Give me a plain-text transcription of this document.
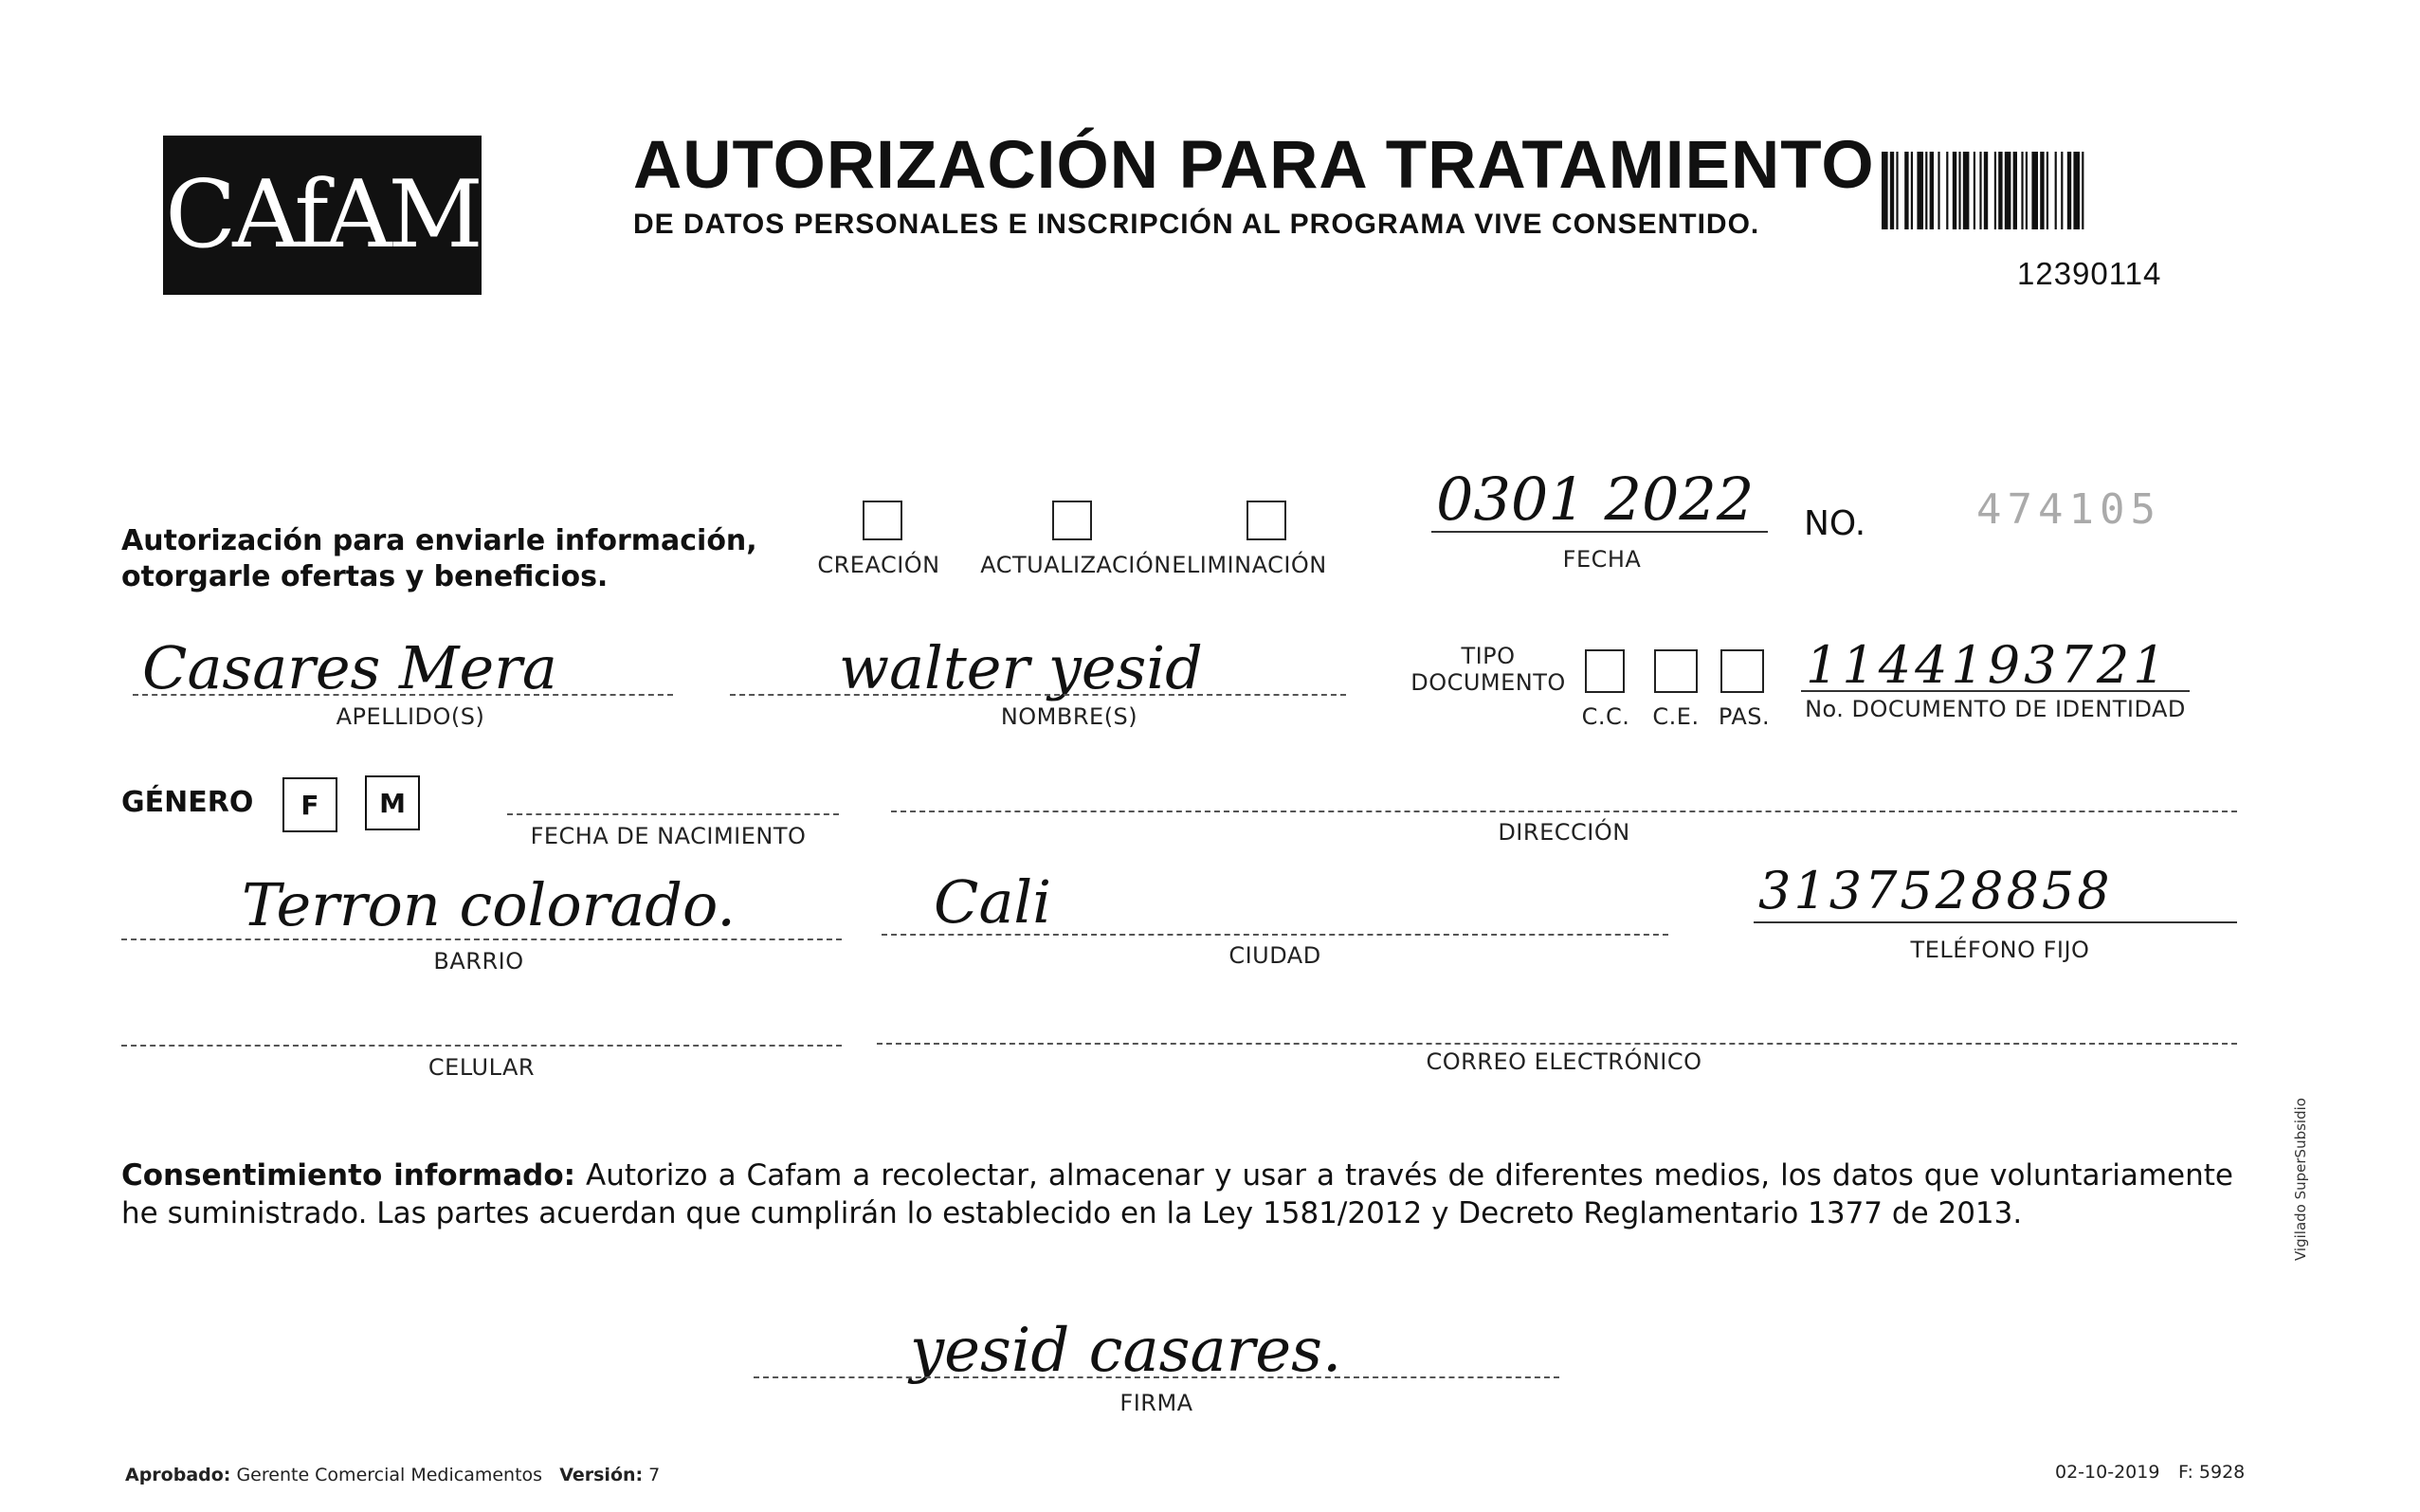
CAfAM AUTORIZACIÓN PARA TRATAMIENTO
DE DATOS PERSONALES E INSCRIPCIÓN AL PROGRAMA VIVE CONSENTIDO.
12390114
Autorización para enviarle información,
otorgarle ofertas y beneficios.	CREACIÓN ACTUALIZACIÓN ELIMINACIÓN
0301 2022
FECHA
NO.	474105
Casares Mera
APELLIDO(S)
walter yesid
NOMBRE(S)
TIPO
DOCUMENTO
C.C. C.E. PAS.
1144193721
No. DOCUMENTO DE IDENTIDAD
GÉNERO F M
FECHA DE NACIMIENTO	DIRECCIÓN
Terron colorado.
BARRIO
Cali
CIUDAD
3137528858
TELÉFONO FIJO
CELULAR	CORREO ELECTRÓNICO
Consentimiento informado: Autorizo a Cafam a recolectar, almacenar y usar a través de diferentes medios, los datos que voluntariamente he suministrado. Las partes acuerdan que cumplirán lo establecido en la Ley 1581/2012 y Decreto Reglamentario 1377 de 2013.
yesid casares.
FIRMA
Aprobado: Gerente Comercial Medicamentos Versión: 7	02-10-2019 F: 5928
Vigilado SuperSubsidio
